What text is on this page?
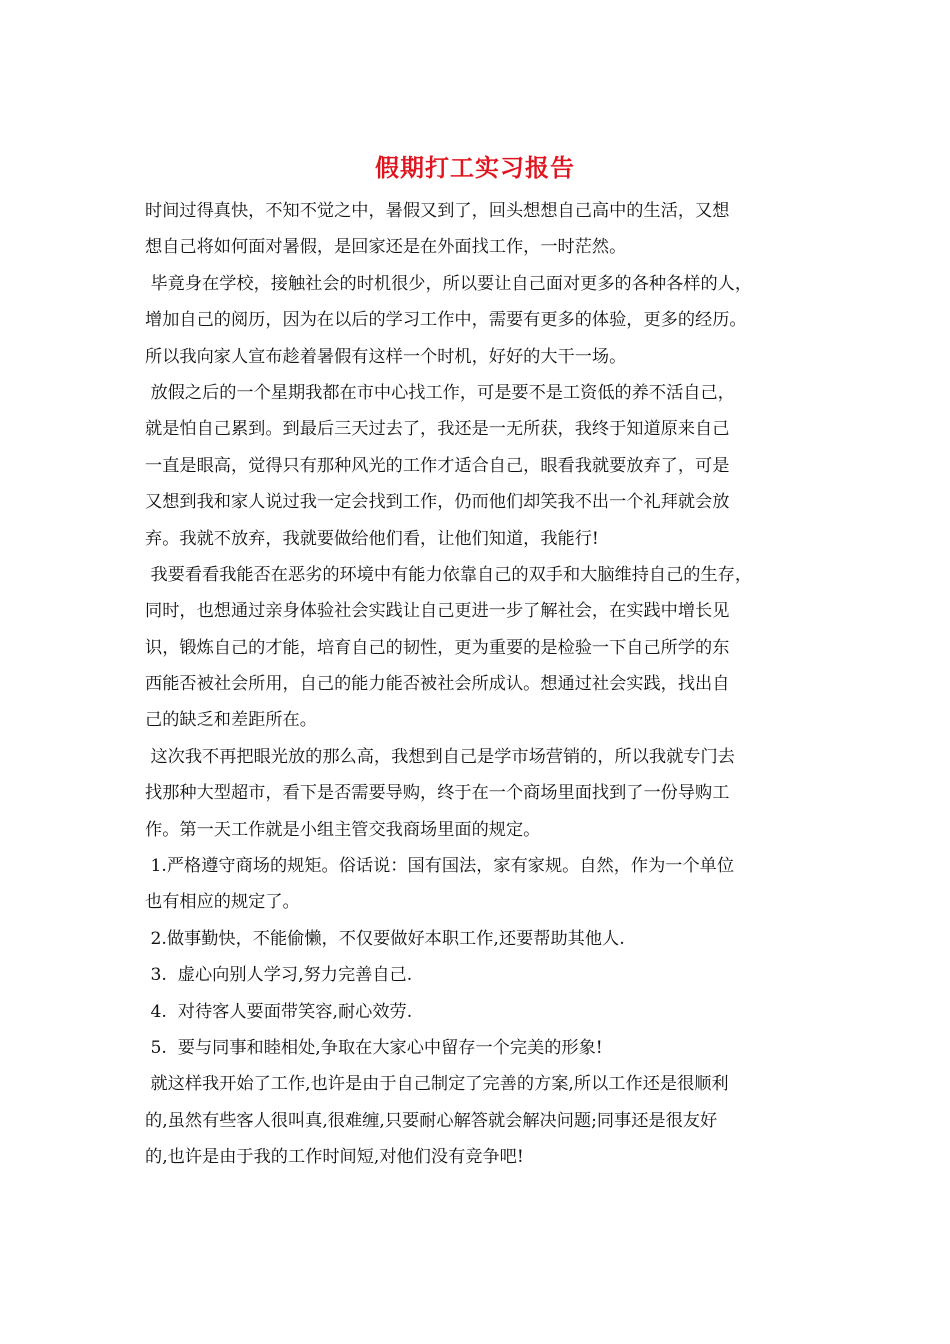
假期打工实习报告
时间过得真快，不知不觉之中，暑假又到了，回头想想自己高中的生活，又想
想自己将如何面对暑假，是回家还是在外面找工作，一时茫然。
毕竟身在学校，接触社会的时机很少，所以要让自己面对更多的各种各样的人，
增加自己的阅历，因为在以后的学习工作中，需要有更多的体验，更多的经历。
所以我向家人宣布趁着暑假有这样一个时机，好好的大干一场。
放假之后的一个星期我都在市中心找工作，可是要不是工资低的养不活自己，
就是怕自己累到。到最后三天过去了，我还是一无所获，我终于知道原来自己
一直是眼高，觉得只有那种风光的工作才适合自己，眼看我就要放弃了，可是
又想到我和家人说过我一定会找到工作，仍而他们却笑我不出一个礼拜就会放
弃。我就不放弃，我就要做给他们看，让他们知道，我能行!
我要看看我能否在恶劣的环境中有能力依靠自己的双手和大脑维持自己的生存，
同时，也想通过亲身体验社会实践让自己更进一步了解社会，在实践中增长见
识，锻炼自己的才能，培育自己的韧性，更为重要的是检验一下自己所学的东
西能否被社会所用，自己的能力能否被社会所成认。想通过社会实践，找出自
己的缺乏和差距所在。
这次我不再把眼光放的那么高，我想到自己是学市场营销的，所以我就专门去
找那种大型超市，看下是否需要导购，终于在一个商场里面找到了一份导购工
作。第一天工作就是小组主管交我商场里面的规定。
1.严格遵守商场的规矩。俗话说：国有国法，家有家规。自然，作为一个单位
也有相应的规定了。
2.做事勤快，不能偷懒，不仅要做好本职工作,还要帮助其他人.
3.  虚心向别人学习,努力完善自己.
4.  对待客人要面带笑容,耐心效劳.
5.  要与同事和睦相处,争取在大家心中留存一个完美的形象!
就这样我开始了工作,也许是由于自己制定了完善的方案,所以工作还是很顺利
的,虽然有些客人很叫真,很难缠,只要耐心解答就会解决问题;同事还是很友好
的,也许是由于我的工作时间短,对他们没有竞争吧!
